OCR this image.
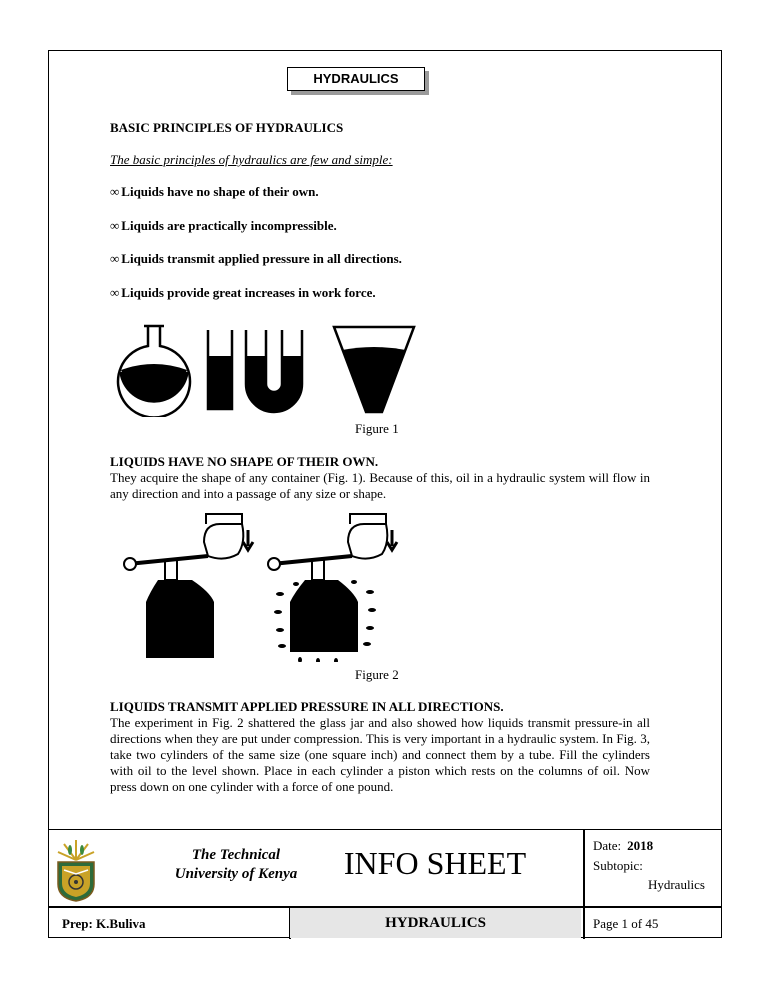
HYDRAULICS
BASIC PRINCIPLES OF HYDRAULICS
The basic principles of hydraulics are few and simple:
∞ Liquids have no shape of their own.
∞ Liquids are practically incompressible.
∞ Liquids transmit applied pressure in all directions.
∞ Liquids provide great increases in work force.
Figure 1
LIQUIDS HAVE NO SHAPE OF THEIR OWN.
They acquire the shape of any container (Fig. 1). Because of this, oil in a hydraulic system will flow in any direction and into a passage of any size or shape.
Figure 2
LIQUIDS TRANSMIT APPLIED PRESSURE IN ALL DIRECTIONS.
The experiment in Fig. 2 shattered the glass jar and also showed how liquids transmit pressure-in all directions when they are put under compression. This is very important in a hydraulic system. In Fig. 3, take two cylinders of the same size (one square inch) and connect them by a tube. Fill the cylinders with oil to the level shown. Place in each cylinder a piston which rests on the columns of oil. Now press down on one cylinder with a force of one pound.
The Technical
University of Kenya	INFO SHEET	Date: 2018
Subtopic:
Hydraulics
Prep: K.Buliva	HYDRAULICS	Page 1 of 45
